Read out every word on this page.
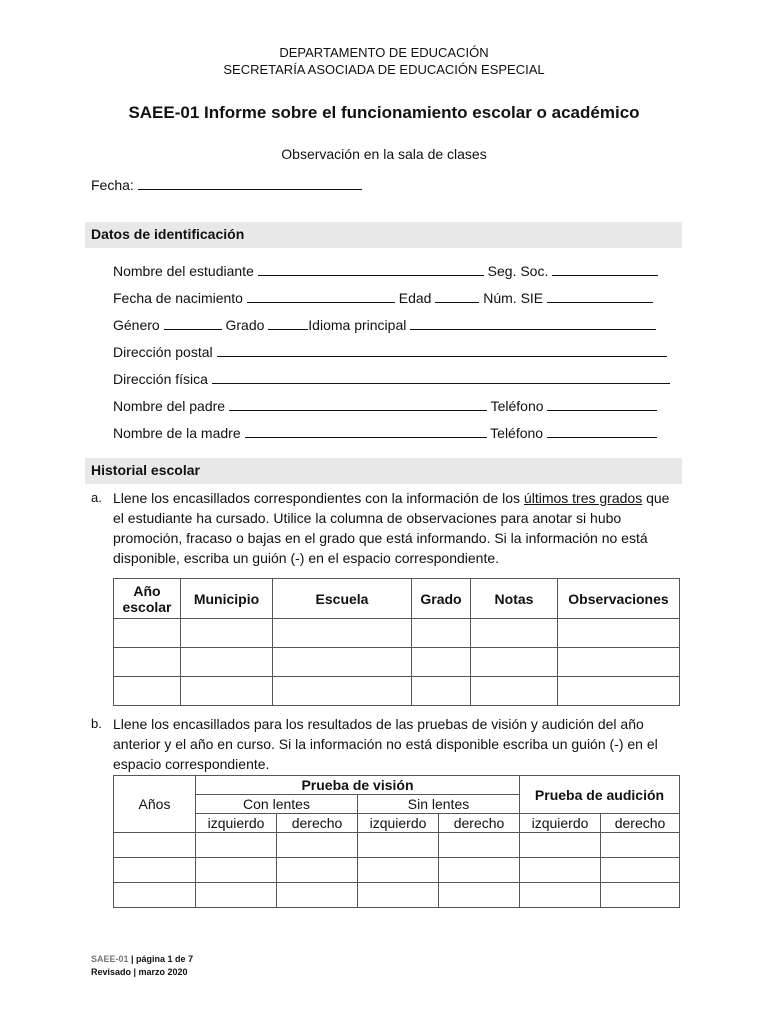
DEPARTAMENTO DE EDUCACIÓN
SECRETARÍA ASOCIADA DE EDUCACIÓN ESPECIAL
SAEE-01 Informe sobre el funcionamiento escolar o académico
Observación en la sala de clases
Fecha:
Datos de identificación
Nombre del estudiante	Seg. Soc.
Fecha de nacimiento	Edad	Núm. SIE
Género	Grado	Idioma principal
Dirección postal
Dirección física
Nombre del padre	Teléfono
Nombre de la madre	Teléfono
Historial escolar
a. Llene los encasillados correspondientes con la información de los últimos tres grados que el estudiante ha cursado. Utilice la columna de observaciones para anotar si hubo promoción, fracaso o bajas en el grado que está informando. Si la información no está disponible, escriba un guión (-) en el espacio correspondiente.
Año escolar	Municipio	Escuela	Grado	Notas	Observaciones

b. Llene los encasillados para los resultados de las pruebas de visión y audición del año anterior y el año en curso. Si la información no está disponible escriba un guión (-) en el espacio correspondiente.
Años	Prueba de visión				Prueba de audición	
	Con lentes		Sin lentes			
	izquierdo	derecho	izquierdo	derecho	izquierdo	derecho

SAEE-01 | página 1 de 7
Revisado | marzo 2020
